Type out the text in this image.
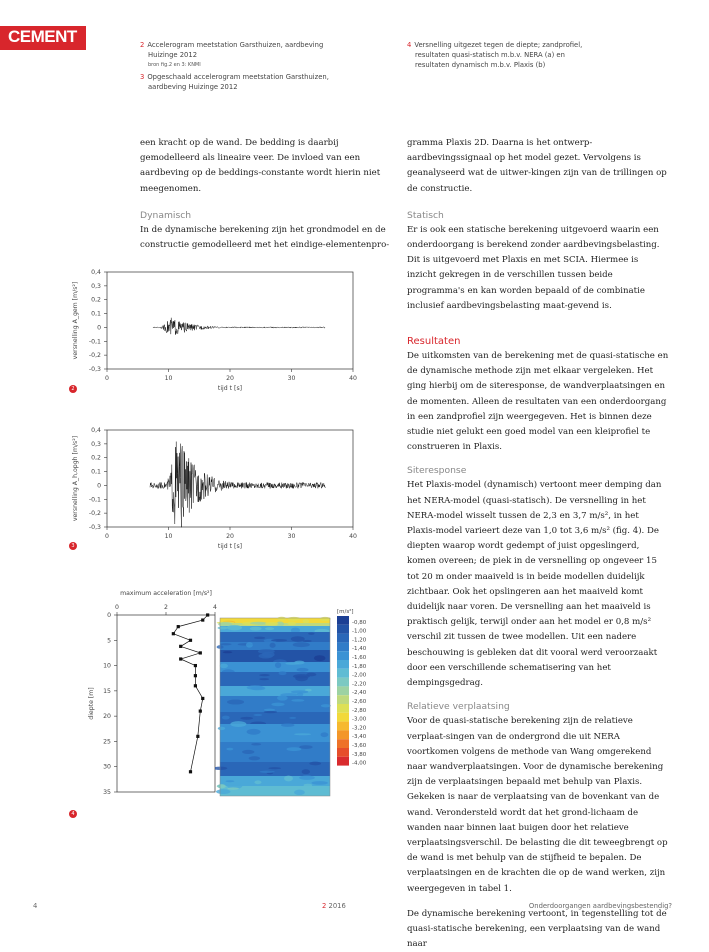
CEMENT	2 Accelerogram meetstation Garsthuizen, aardbeving
Huizinge 2012
bron fig.2 en 3: KNMI
3 Opgeschaald accelerogram meetstation Garsthuizen,
aardbeving Huizinge 2012
4 Versnelling uitgezet tegen de diepte; zandprofiel,
resultaten quasi-statisch m.b.v. NERA (a) en
resultaten dynamisch m.b.v. Plaxis (b)

een kracht op de wand. De bedding is daarbij gemodelleerd als lineaire veer. De invloed van een aardbeving op de beddings-constante wordt hierin niet meegenomen.

Dynamisch

In de dynamische berekening zijn het grondmodel en de constructie gemodelleerd met het eindige-elementenpro-

gramma Plaxis 2D. Daarna is het ontwerp-aardbevingssignaal op het model gezet. Vervolgens is geanalyseerd wat de uitwer-kingen zijn van de trillingen op de constructie.

Statisch

Er is ook een statische berekening uitgevoerd waarin een onderdoorgang is berekend zonder aardbevingsbelasting. Dit is uitgevoerd met Plaxis en met SCIA. Hiermee is inzicht gekregen in de verschillen tussen beide programma's en kan worden bepaald of de combinatie inclusief aardbevingsbelasting maat-gevend is.

Resultaten

De uitkomsten van de berekening met de quasi-statische en de dynamische methode zijn met elkaar vergeleken. Het ging hierbij om de siteresponse, de wandverplaatsingen en de momenten. Alleen de resultaten van een onderdoorgang in een zandprofiel zijn weergegeven. Het is binnen deze studie niet gelukt een goed model van een kleiprofiel te construeren in Plaxis.

Siteresponse

Het Plaxis-model (dynamisch) vertoont meer demping dan het NERA-model (quasi-statisch). De versnelling in het NERA-model wisselt tussen de 2,3 en 3,7 m/s², in het Plaxis-model varieert deze van 1,0 tot 3,6 m/s² (fig. 4). De diepten waarop wordt gedempt of juist opgeslingerd, komen overeen; de piek in de versnelling op ongeveer 15 tot 20 m onder maaiveld is in beide modellen duidelijk zichtbaar. Ook het opslingeren aan het maaiveld komt duidelijk naar voren. De versnelling aan het maaiveld is praktisch gelijk, terwijl onder aan het model er 0,8 m/s² verschil zit tussen de twee modellen. Uit een nadere beschouwing is gebleken dat dit vooral werd veroorzaakt door een verschillende schematisering van het dempingsgedrag.

Relatieve verplaatsing

Voor de quasi-statische berekening zijn de relatieve verplaat-singen van de ondergrond die uit NERA voortkomen volgens de methode van Wang omgerekend naar wandverplaatsingen. Voor de dynamische berekening zijn de verplaatsingen bepaald met behulp van Plaxis. Gekeken is naar de verplaatsing van de bovenkant van de wand. Verondersteld wordt dat het grond-lichaam de wanden naar binnen laat buigen door het relatieve verplaatsingsverschil. De belasting die dit teweegbrengt op de wand is met behulp van de stijfheid te bepalen. De verplaatsingen en de krachten die op de wand werken, zijn weergegeven in tabel 1.

De dynamische berekening vertoont, in tegenstelling tot de quasi-statische berekening, een verplaatsing van de wand naar

0,4
0,3
0,2
0,1
0
-0,1
-0,2
-0,3
0	10	20	30	40
tijd t [s]
versnelling A_gem [m/s²]
2
0,4
0,3
0,2
0,1
0
-0,1
-0,2
-0,3
0	10	20	30	40
tijd t [s]
versnelling A_h,opgh [m/s²]
3
maximum acceleration [m/s²]
0	2	4
0
5
10
15
20
25
30
35
diepte [m]
[m/s²]
-0,80
-1,00
-1,20
-1,40
-1,60
-1,80
-2,00
-2,20
-2,40
-2,60
-2,80
-3,00
-3,20
-3,40
-3,60
-3,80
-4,00
4
4	2 2016	Onderdoorgangen aardbevingsbestendig?
